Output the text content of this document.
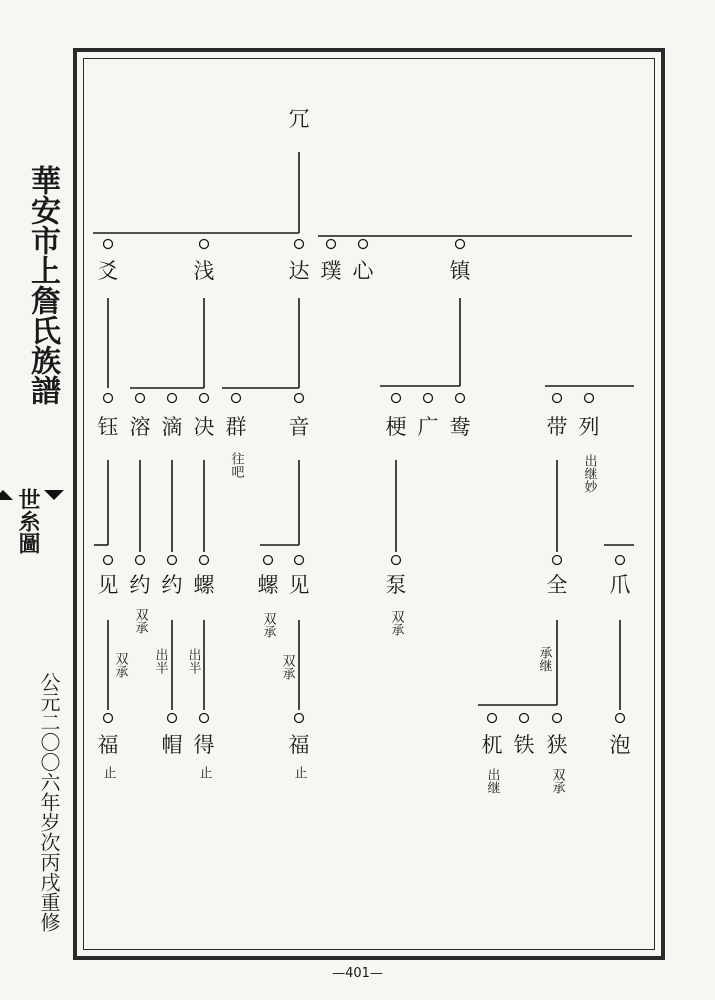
華安市上詹氏族譜
世糸圖
公元二〇〇六年岁次丙戌重修
冗
爻	浅	达 璞 心	镇
钰 溶 滴 决 群 音	梗 广 鸯	带 列
见 约 约 螺 螺 见	泵	全 爪
福 帽 得	福	杌 铁 狭 泡
往吧	出继妙
双承
双承 出半 出半
双承
双承
双承
承继
止	止	止	出继	双承
—401—
